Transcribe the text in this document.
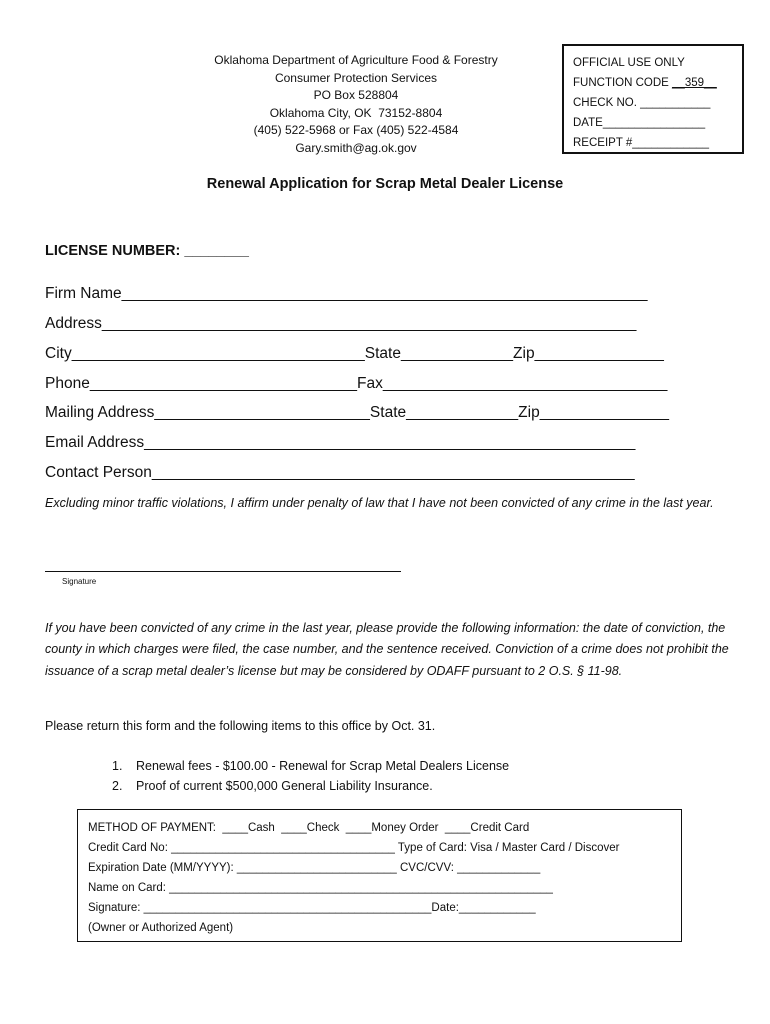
Oklahoma Department of Agriculture Food & Forestry
Consumer Protection Services
PO Box 528804
Oklahoma City, OK  73152-8804
(405) 522-5968 or Fax (405) 522-4584
Gary.smith@ag.ok.gov
OFFICIAL USE ONLY
FUNCTION CODE __359__
CHECK NO. ___________
DATE________________
RECEIPT #____________
Renewal Application for Scrap Metal Dealer License
LICENSE NUMBER: ________
Firm Name_____________________________________________________________
Address______________________________________________________________
City__________________________________State_____________Zip_______________
Phone_______________________________Fax_________________________________
Mailing Address_________________________State_____________Zip_______________
Email Address_________________________________________________________
Contact Person________________________________________________________
Excluding minor traffic violations, I affirm under penalty of law that I have not been convicted of any crime in the last year.
Signature
If you have been convicted of any crime in the last year, please provide the following information: the date of conviction, the county in which charges were filed, the case number, and the sentence received. Conviction of a crime does not prohibit the issuance of a scrap metal dealer’s license but may be considered by ODAFF pursuant to 2 O.S. § 11-98.
Please return this form and the following items to this office by Oct. 31.
1. Renewal fees - $100.00 - Renewal for Scrap Metal Dealers License
2. Proof of current $500,000 General Liability Insurance.
METHOD OF PAYMENT:  ____Cash  ____Check  ____Money Order  ____Credit Card
Credit Card No: ___________________________________ Type of Card: Visa / Master Card / Discover
Expiration Date (MM/YYYY): _________________________ CVC/CVV: _____________
Name on Card: ____________________________________________________________
Signature: _____________________________________________Date:____________
(Owner or Authorized Agent)
